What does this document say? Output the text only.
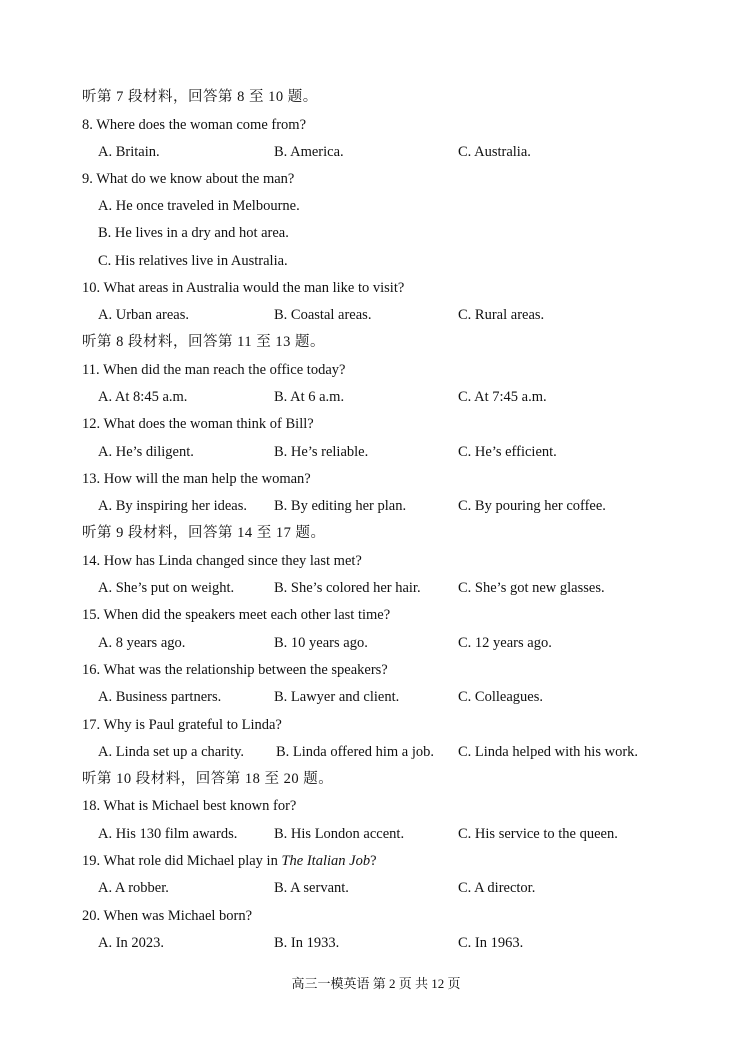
听第 7 段材料，回答第 8 至 10 题。
8. Where does the woman come from?
A. Britain.	B. America.	C. Australia.
9. What do we know about the man?
A. He once traveled in Melbourne.
B. He lives in a dry and hot area.
C. His relatives live in Australia.
10. What areas in Australia would the man like to visit?
A. Urban areas.	B. Coastal areas.	C. Rural areas.
听第 8 段材料，回答第 11 至 13 题。
11. When did the man reach the office today?
A. At 8:45 a.m.	B. At 6 a.m.	C. At 7:45 a.m.
12. What does the woman think of Bill?
A. He’s diligent.	B. He’s reliable.	C. He’s efficient.
13. How will the man help the woman?
A. By inspiring her ideas. B. By editing her plan.	C. By pouring her coffee.
听第 9 段材料，回答第 14 至 17 题。
14. How has Linda changed since they last met?
A. She’s put on weight.	B. She’s colored her hair.	C. She’s got new glasses.
15. When did the speakers meet each other last time?
A. 8 years ago.	B. 10 years ago.	C. 12 years ago.
16. What was the relationship between the speakers?
A. Business partners.	B. Lawyer and client.	C. Colleagues.
17. Why is Paul grateful to Linda?
A. Linda set up a charity. B. Linda offered him a job. C. Linda helped with his work.
听第 10 段材料，回答第 18 至 20 题。
18. What is Michael best known for?
A. His 130 film awards.	B. His London accent.	C. His service to the queen.
19. What role did Michael play in The Italian Job?
A. A robber.	B. A servant.	C. A director.
20. When was Michael born?
A. In 2023.	B. In 1933.	C. In 1963.
高三一模英语 第 2 页 共 12 页
